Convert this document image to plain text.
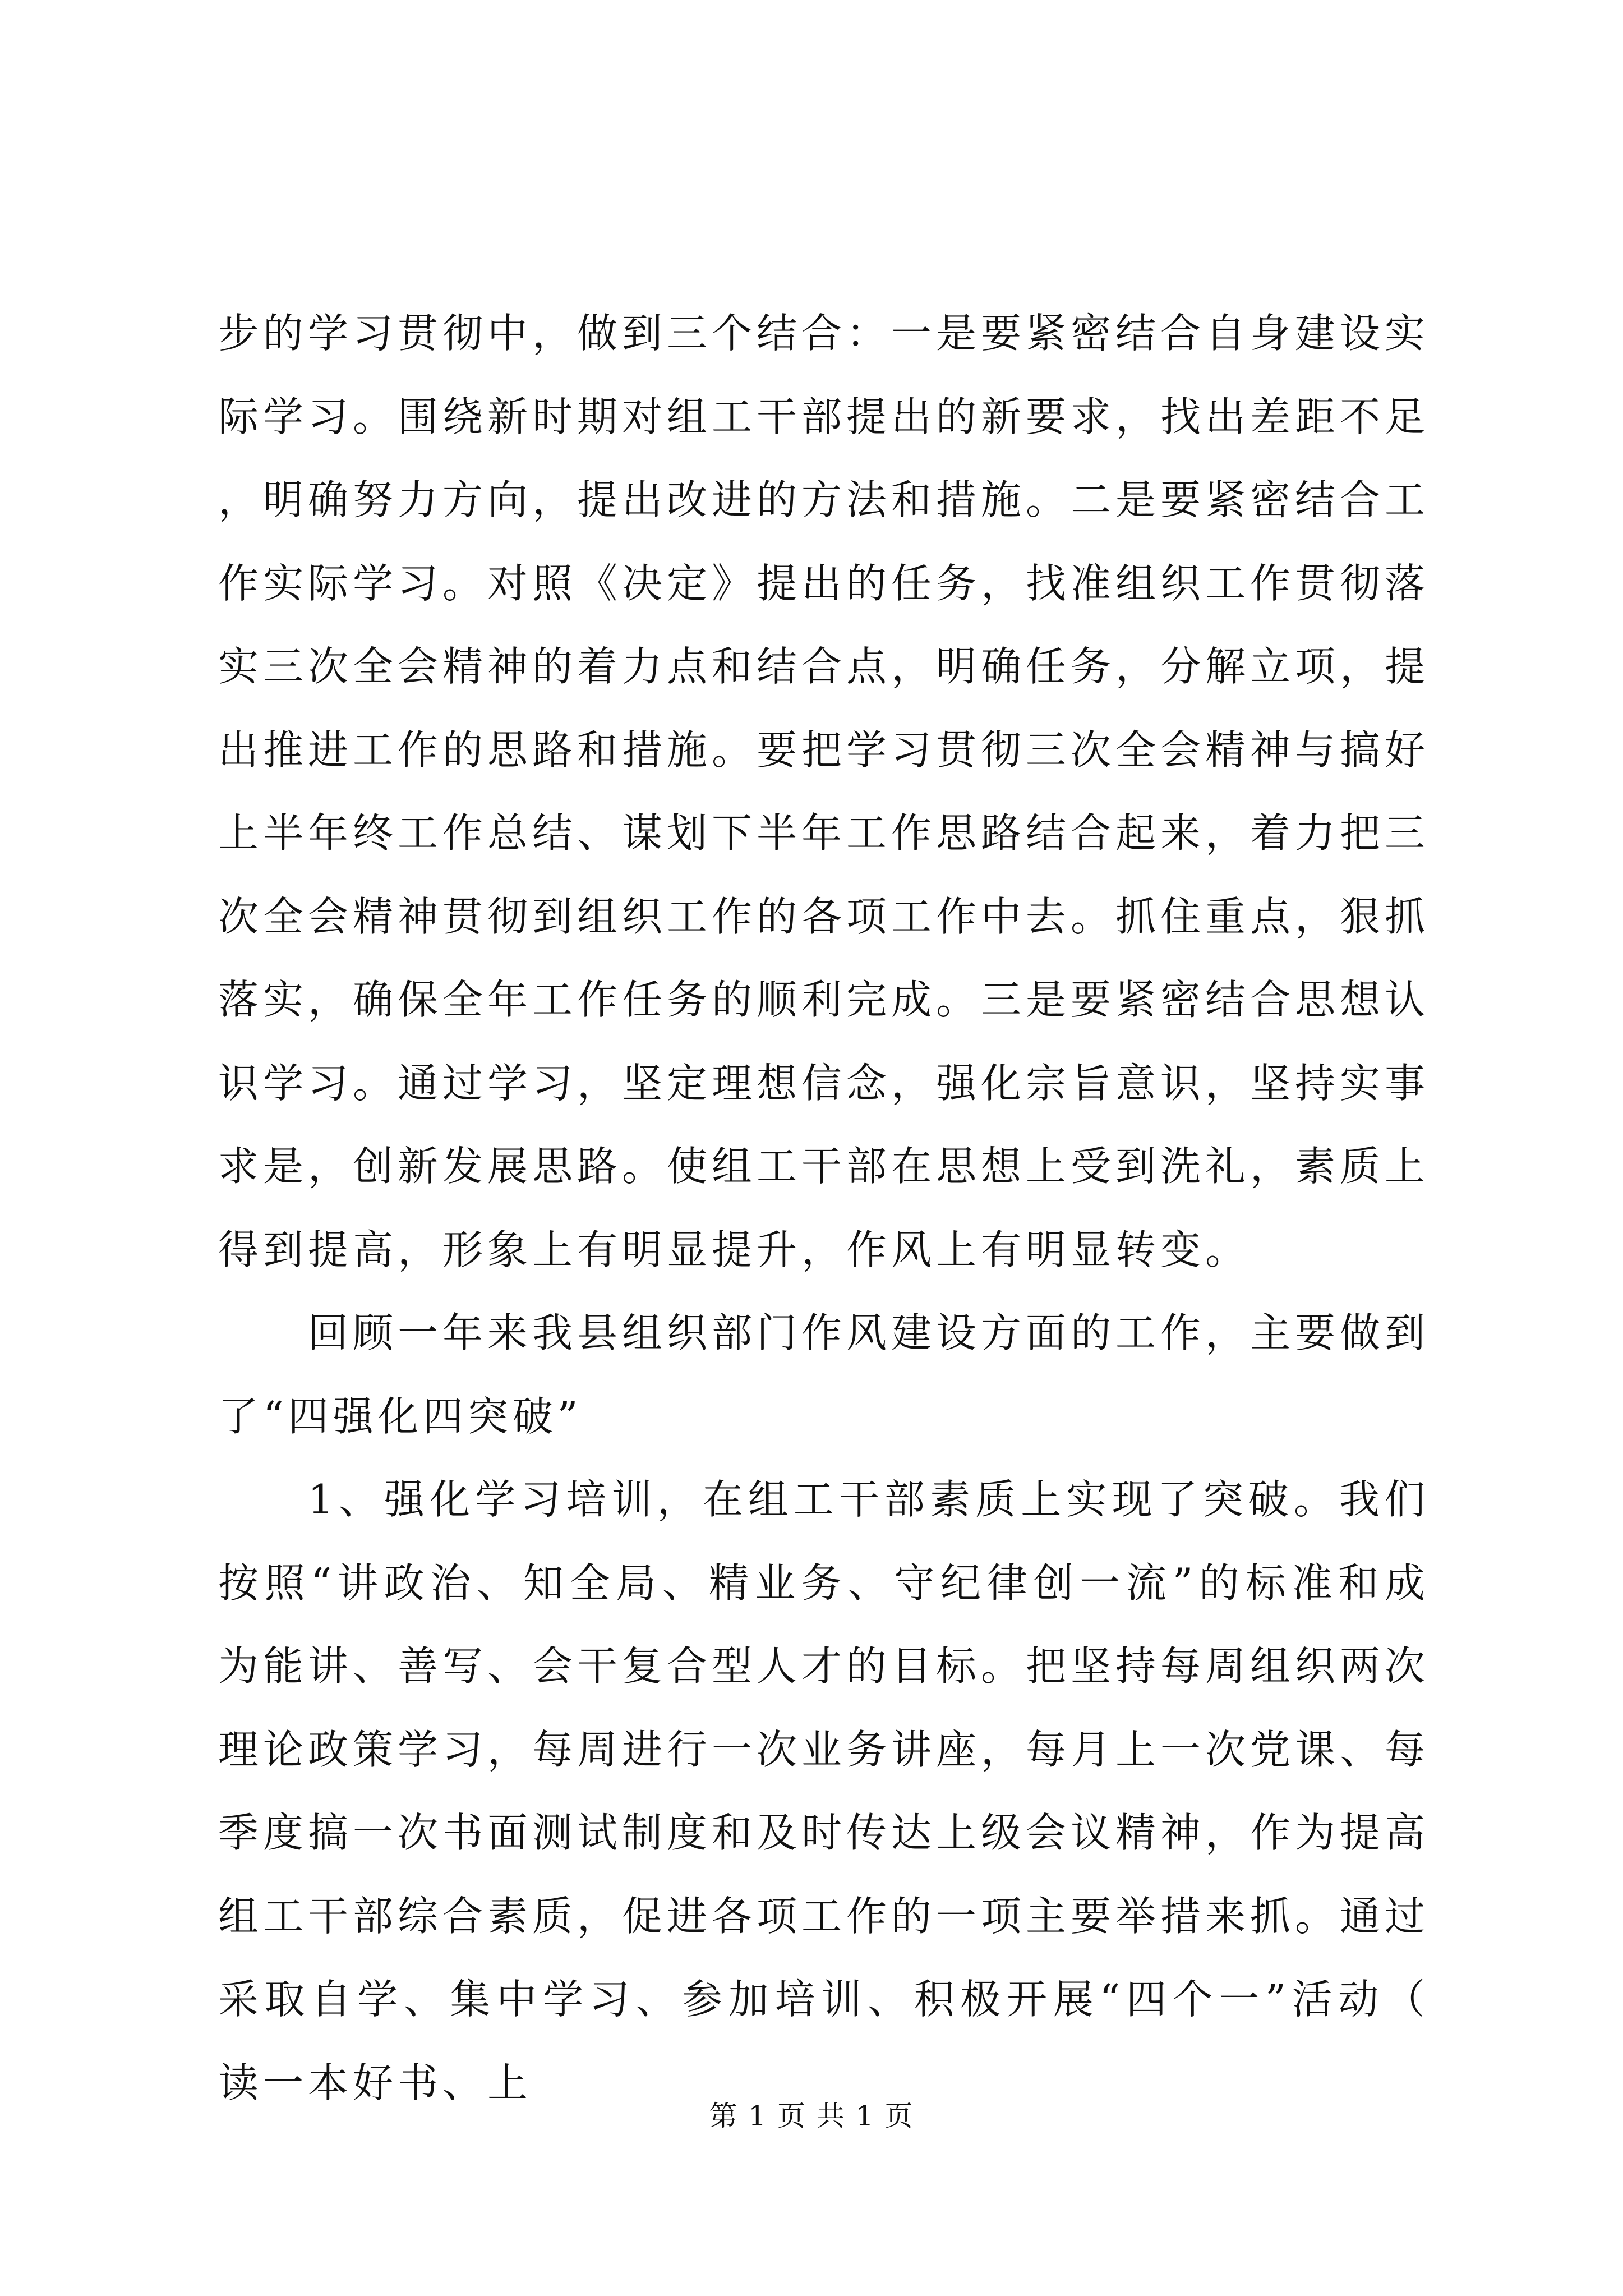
步的学习贯彻中，做到三个结合：一是要紧密结合自身建设实际学习。围绕新时期对组工干部提出的新要求，找出差距不足，明确努力方向，提出改进的方法和措施。二是要紧密结合工作实际学习。对照《决定》提出的任务，找准组织工作贯彻落实三次全会精神的着力点和结合点，明确任务，分解立项，提出推进工作的思路和措施。要把学习贯彻三次全会精神与搞好上半年终工作总结、谋划下半年工作思路结合起来，着力把三次全会精神贯彻到组织工作的各项工作中去。抓住重点，狠抓落实，确保全年工作任务的顺利完成。三是要紧密结合思想认识学习。通过学习，坚定理想信念，强化宗旨意识，坚持实事求是，创新发展思路。使组工干部在思想上受到洗礼，素质上得到提高，形象上有明显提升，作风上有明显转变。

回顾一年来我县组织部门作风建设方面的工作，主要做到了“四强化四突破”

1、强化学习培训，在组工干部素质上实现了突破。我们按照“讲政治、知全局、精业务、守纪律创一流”的标准和成为能讲、善写、会干复合型人才的目标。把坚持每周组织两次理论政策学习，每周进行一次业务讲座，每月上一次党课、每季度搞一次书面测试制度和及时传达上级会议精神，作为提高组工干部综合素质，促进各项工作的一项主要举措来抓。通过采取自学、集中学习、参加培训、积极开展“四个一”活动（读一本好书、上

第 1 页 共 1 页
